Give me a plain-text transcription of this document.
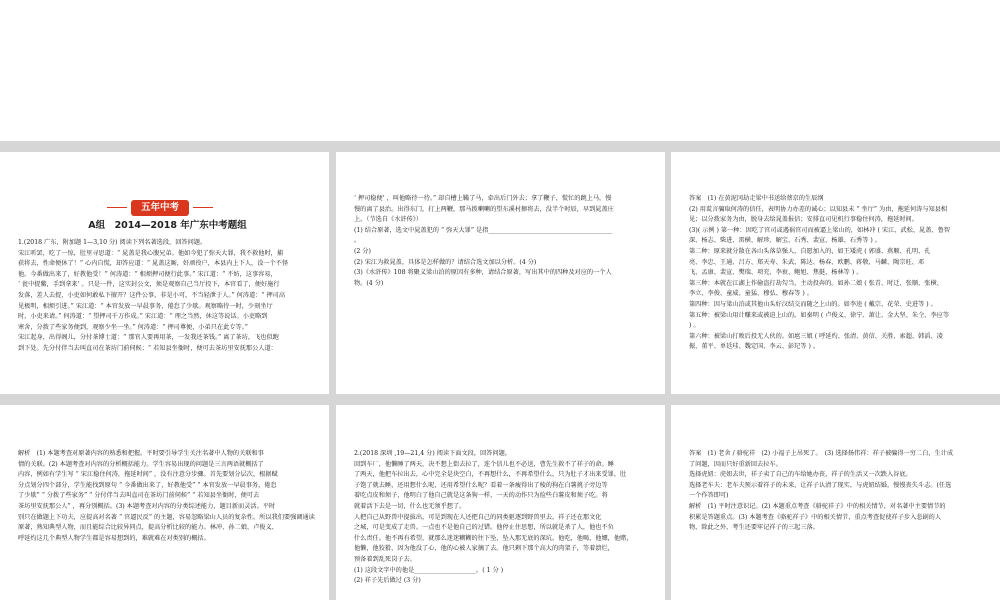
五年中考
A组　2014—2018 年广东中考题组
1.(2018 广东，附加题 1—3,10 分) 阅读下列名著选段，回答问题。
宋江听罢，吃了一惊，肚里寻思道：“ 晁盖是我心腹兄弟。他如今犯了弥天大罪，我不救他时，捕
获将去，性命便休了！” 心内自慌，却答应道：“ 晁盖这厮，奸顽役户，本县内上下人，没一个不怪
他。今番做出来了，好教他受！” 何涛道：“ 相烦押司便行此事。” 宋江道：“ 不妨，这事容易，
‘ 瓮中捉鳖，手到拿来’ 。只是一件，这实封公文，须是观察自己当厅投下，本官看了，便好施行
发落，差人去捉，小吏如何敢私下擅开？这件公事，非是小可，不当轻泄于人。” 何涛道：“ 押司高
见极明，相烦引进。” 宋江道：“ 本官发放一早晨事务，倦怠了少歇。观察略待一时，少刻坐厅
时，小吏来请。” 何涛道：“ 望押司千万作成。” 宋江道：“ 理之当然，休这等说话。小吏略到
寒舍，分拨了些家务便到，观察少坐一坐。” 何涛道：“ 押司尊便，小弟只在此专等。”
宋江起身，出得阁儿，分付茶博士道：“ 那官人要再用茶，一发我还茶钱。” 离了茶坊，飞也似跑
到下处。先分付伴当去叫直司在茶坊门前伺候；“ 若知县坐衙时，便可去茶坊里安抚那公人道：
‘ 押司稳便’ ，叫他略待一待。” 却自槽上鞴了马，牵出后门外去；拿了鞭子，慌忙的跳上马，慢
慢的离了县治。出得东门，打上两鞭，那马拨喇喇的望东溪村撺将去，没半个时辰，早到晁盖庄
上。（节选自《水浒传》）
(1) 结合原著，选文中晁盖犯的 “ 弥天大罪” 是指________________________________________
。
(2 分)
(2) 宋江为救晁盖，具体是怎样做的？请结合选文加以分析。(4 分)
(3)《水浒传》108 将聚义梁山泊的原因有多种，请结合原著，写出其中的四种及对应的一个人
物。(4 分)
答案　(1) 在黄泥冈劫走梁中书送给蔡京的生辰纲
(2) 用谎言骗取何涛的信任，表明协力办差的诚心；以知县未 “ 坐厅” 为由，拖延何涛与知县相
见；以分拨家务为由，脱身去给晁盖报信；安排直司见机行事稳住何涛，拖延时间。
(3)( 示例 ) 第一种：因吃了官司或遇祸官司而被逼上梁山的，如林冲 ( 宋江、武松、晁盖、鲁智
深、杨志、柴进、雷横、解珍、解宝、石秀、裴宣、杨雄、石秀等 ) 。
第二种：原来就分散在各山头落草强人，自愿加入的，如王矮虎 ( 郭盛、燕顺、孔明、孔
亮、李忠、王通、吕方、郑天寿、朱武、陈达、杨春、欧鹏、蒋敬、马麟、陶宗旺、邓
飞、孟康、裴宣、樊瑞、项充、李衮、鲍旭、焦挺、杨林等 ) 。
第三种：本就在江湖上作偷盗打劫勾当，主动投奔的。如孙二娘 ( 张青、时迁、张顺、张横、
李立、李俊、童威、童猛、穆弘、穆春等 ) 。
第四种：因与梁山泊或其他山头好汉结交而随之上山的。如李逵 ( 戴宗、花荣、史进等 ) 。
第五种：被梁山用计赚来或被迫上山的。如秦明 ( 卢俊义、徐宁、萧让、金大坚、朱仝、李应等
) 。
第六种：被梁山打败后投无人伙的。如扈三娘 ( 呼延灼、张清、黄信、关胜、索超、韩滔、凌
振、董平、单廷珪、魏定国、李云、彭玘等 ) 。
解析　(1) 本题考查对原著内容的熟悉和把握。平时要引导学生关注名著中人物的关联和事
情的关联。(2) 本题考查对内容的分析概括能力。学生容易出现的问题是三言两语就概括了
内容，例如有学生写 “ 宋江稳住何涛，拖延时间” ，没有注意分步骤。首先要划分层次，根据赋
分点划分四个部分，学生能找到原句 “ 今番做出来了，好教他受” “ 本官发放一早晨事务，倦怠
了少歇” “ 分拨了些家务” “ 分付伴当去叫直司在茶坊门前伺候” “ 若知县坐衙时，便可去
茶坊里安抚那公人” ，再分别概括。(3) 本题考查对内容的分类综述能力，题目新而灵活。平时
别只在做题上下功夫，应提高对名著 “ 官逼民反” 的主题，容易忽略梁山人员的复杂性。所以我们要强调通读
原著，熟知典型人物，而且能综合比较异同点，提高分析比较的能力。林冲、孙二娘、卢俊义、
呼延灼这几个典型人物学生都是容易想到的，难就难在对类别的概括。
2.(2018 深圳 ,19—21,4 分) 阅读下面文段，回答问题。
回到车厂，他懒睡了两天，决不想上街去拉了，连个信儿也不必送，曹先生救不了祥子的命。睡
了两天，他把车拉出去，心中完全是块空白，不再想什么，不再希望什么，只为肚子才出来受罪，肚
子饱了就去睡，还用想什么呢，还用希望什么呢？看着一条瘦得出了棱的狗在白薯挑子旁边等
着吃点皮和须子，他明白了他自己就是这条狗一样，一天的动作只为捡些白薯皮和须子吃。将
就着活下去是一切，什么也无须乎想了。
人把自己从野兽中提拔出，可是到现在人还把自己的同类驱逐到野兽里去。祥子还在那文化
之城，可是变成了走兽。一点也不是他自己的过错。他停止住思想，所以就是杀了人，他也不负
什么责任。他不再有希望，就那么迷迷糊糊的往下坠，坠入那无底的深坑。他吃，他喝，他嫖，他赌，
他懒，他狡猾，因为他没了心，他的心被人家摘了去。他只剩下那个高大的肉架子，等着溃烂，
预备着到乱死岗子去。
(1) 这段文字中的他是____________________。( 1 分 )
(2) 祥子先后做过 (3 分)
答案　(1) 老舍 / 骆驼祥　(2) 小福子上吊死了。　(3) 选择扬伟祥：祥子被骗得一穷二白，生计成
了问题，因而只好重新回去拉车。
选择虎妞：虎妞去世，祥子卖了自己的车给她办丧，祥子的生活又一次跌入谷底。
选择老车夫：老车夫预示着祥子的未来，让祥子认清了现实，与虎妞结婚，慢慢丧失斗志。(任选
一个作答即可)
解析　(1) 平时注意识记。(2) 本题重点考查《骆驼祥子》中的相关情节，对名著中主要情节的
积累是答题重点。(3) 本题考查《骆驼祥子》中的相关情节，重点考查促使祥子步入悲剧的人
物，除此之外，考生还要牢记祥子的三起三落。
